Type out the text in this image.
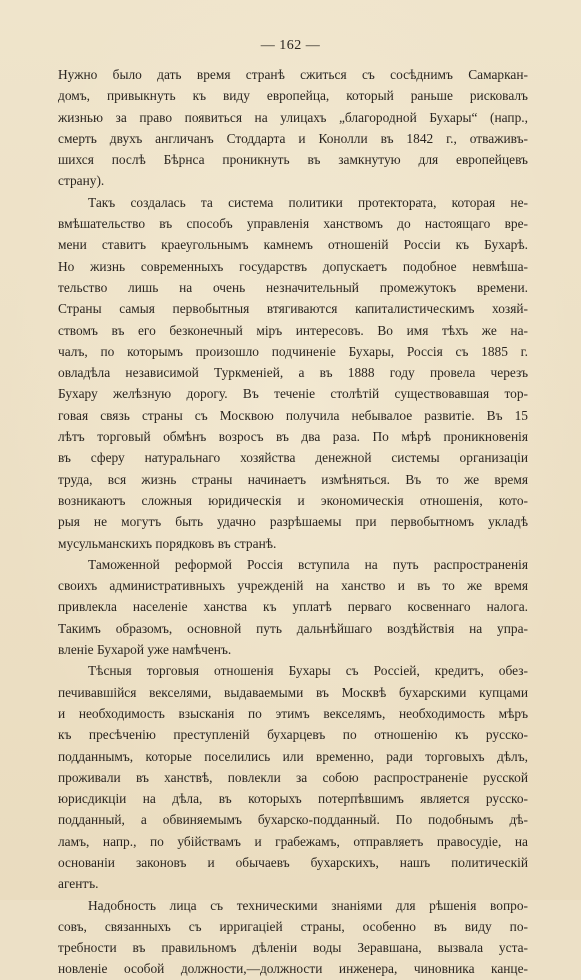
— 162 —
Нужно было дать время странѣ сжиться съ сосѣднимъ Самаркан-
домъ, привыкнуть къ виду европейца, который раньше рисковалъ
жизнью за право появиться на улицахъ „благородной Бухары“ (напр.,
смерть двухъ англичанъ Стоддарта и Конолли въ 1842 г., отваживъ-
шихся послѣ Бѣрнса проникнуть въ замкнутую для европейцевъ
страну).
Такъ создалась та система политики протектората, которая не-
вмѣшательство въ способъ управленія ханствомъ до настоящаго вре-
мени ставитъ краеугольнымъ камнемъ отношеній Россіи къ Бухарѣ.
Но жизнь современныхъ государствъ допускаетъ подобное невмѣша-
тельство лишь на очень незначительный промежутокъ времени.
Страны самыя первобытныя втягиваются капиталистическимъ хозяй-
ствомъ въ его безконечный міръ интересовъ. Во имя тѣхъ же на-
чалъ, по которымъ произошло подчиненіе Бухары, Россія съ 1885 г.
овладѣла независимой Туркменіей, а въ 1888 году провела черезъ
Бухару желѣзную дорогу. Въ теченіе столѣтій существовавшая тор-
говая связь страны съ Москвою получила небывалое развитіе. Въ 15
лѣтъ торговый обмѣнъ возросъ въ два раза. По мѣрѣ проникновенія
въ сферу натуральнаго хозяйства денежной системы организаціи
труда, вся жизнь страны начинаетъ измѣняться. Въ то же время
возникаютъ сложныя юридическія и экономическія отношенія, кото-
рыя не могутъ быть удачно разрѣшаемы при первобытномъ укладѣ
мусульманскихъ порядковъ въ странѣ.
Таможенной реформой Россія вступила на путь распространенія
своихъ административныхъ учрежденій на ханство и въ то же время
привлекла населеніе ханства къ уплатѣ перваго косвеннаго налога.
Такимъ образомъ, основной путь дальнѣйшаго воздѣйствія на упра-
вленіе Бухарой уже намѣченъ.
Тѣсныя торговыя отношенія Бухары съ Россіей, кредитъ, обез-
печивавшійся векселями, выдаваемыми въ Москвѣ бухарскими купцами
и необходимость взысканія по этимъ векселямъ, необходимость мѣръ
къ пресѣченію преступленій бухарцевъ по отношенію къ русско-
подданнымъ, которые поселились или временно, ради торговыхъ дѣлъ,
проживали въ ханствѣ, повлекли за собою распространеніе русской
юрисдикціи на дѣла, въ которыхъ потерпѣвшимъ является русско-
подданный, а обвиняемымъ бухарско-подданный. По подобнымъ дѣ-
ламъ, напр., по убійствамъ и грабежамъ, отправляетъ правосудіе, на
основаніи законовъ и обычаевъ бухарскихъ, нашъ политическій
агентъ.
Надобность лица съ техническими знаніями для рѣшенія вопро-
совъ, связанныхъ съ ирригаціей страны, особенно въ виду по-
требности въ правильномъ дѣленіи воды Зеравшана, вызвала уста-
новленіе особой должности,—должности инженера, чиновника канце-
